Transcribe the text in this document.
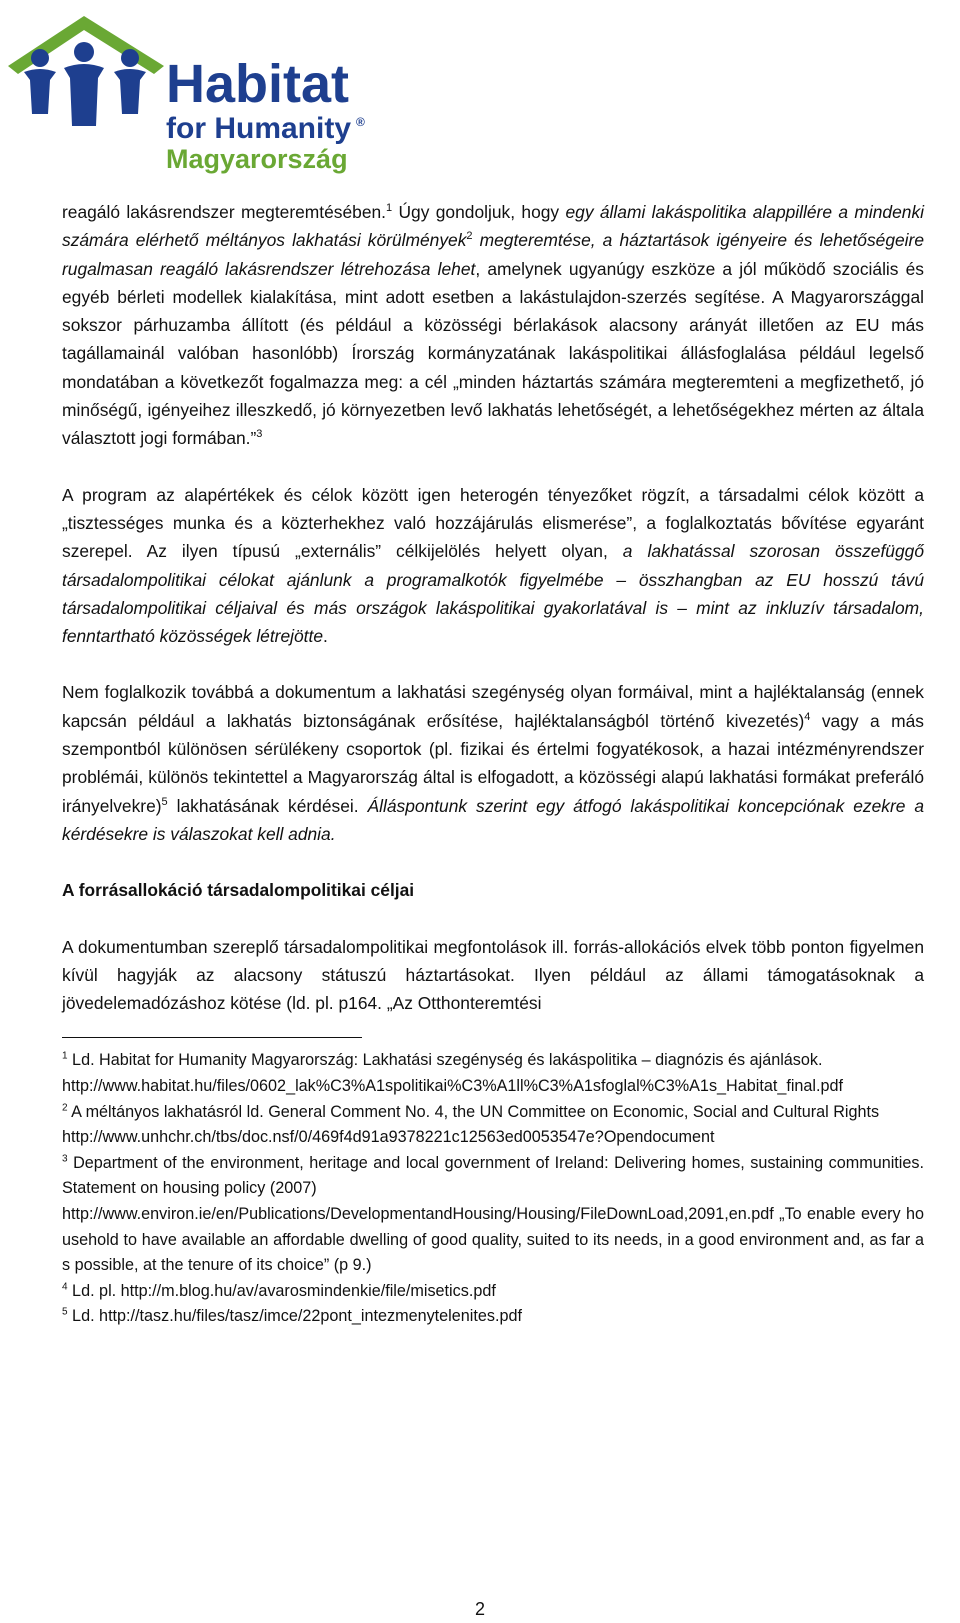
Habitat
for Humanity ®
Magyarország

reagáló lakásrendszer megteremtésében.$^1$ Úgy gondoljuk, hogy egy állami lakáspolitika alappillére a mindenki számára elérhető méltányos lakhatási körülmények$^2$ megteremtése, a háztartások igényeire és lehetőségeire rugalmasan reagáló lakásrendszer létrehozása lehet, amelynek ugyanúgy eszköze a jól működő szociális és egyéb bérleti modellek kialakítása, mint adott esetben a lakástulajdon-szerzés segítése. A Magyarországgal sokszor párhuzamba állított (és például a közösségi bérlakások alacsony arányát illetően az EU más tagállamainál valóban hasonlóbb) Írország kormányzatának lakáspolitikai állásfoglalása például legelső mondatában a következőt fogalmazza meg: a cél „minden háztartás számára megteremteni a megfizethető, jó minőségű, igényeihez illeszkedő, jó környezetben levő lakhatás lehetőségét, a lehetőségekhez mérten az általa választott jogi formában.”$^3$

A program az alapértékek és célok között igen heterogén tényezőket rögzít, a társadalmi célok között a „tisztességes munka és a közterhekhez való hozzájárulás elismerése”, a foglalkoztatás bővítése egyaránt szerepel. Az ilyen típusú „externális” célkijelölés helyett olyan, a lakhatással szorosan összefüggő társadalompolitikai célokat ajánlunk a programalkotók figyelmébe – összhangban az EU hosszú távú társadalompolitikai céljaival és más országok lakáspolitikai gyakorlatával is – mint az inkluzív társadalom, fenntartható közösségek létrejötte.

Nem foglalkozik továbbá a dokumentum a lakhatási szegénység olyan formáival, mint a hajléktalanság (ennek kapcsán például a lakhatás biztonságának erősítése, hajléktalanságból történő kivezetés)$^4$ vagy a más szempontból különösen sérülékeny csoportok (pl. fizikai és értelmi fogyatékosok, a hazai intézményrendszer problémái, különös tekintettel a Magyarország által is elfogadott, a közösségi alapú lakhatási formákat preferáló irányelvekre)$^5$ lakhatásának kérdései. Álláspontunk szerint egy átfogó lakáspolitikai koncepciónak ezekre a kérdésekre is válaszokat kell adnia.

A forrásallokáció társadalompolitikai céljai

A dokumentumban szereplő társadalompolitikai megfontolások ill. forrás-allokációs elvek több ponton figyelmen kívül hagyják az alacsony státuszú háztartásokat. Ilyen például az állami támogatásoknak a jövedelemadózáshoz kötése (ld. pl. p164. „Az Otthonteremtési

$^1$ Ld. Habitat for Humanity Magyarország: Lakhatási szegénység és lakáspolitika – diagnózis és ajánlások.
http://www.habitat.hu/files/0602_lak%C3%A1spolitikai%C3%A1ll%C3%A1sfoglal%C3%A1s_Habitat_final.pdf

$^2$ A méltányos lakhatásról ld. General Comment No. 4, the UN Committee on Economic, Social and Cultural Rights
http://www.unhchr.ch/tbs/doc.nsf/0/469f4d91a9378221c12563ed0053547e?Opendocument

$^3$ Department of the environment, heritage and local government of Ireland: Delivering homes, sustaining communities. Statement on housing policy (2007)
http://www.environ.ie/en/Publications/DevelopmentandHousing/Housing/FileDownLoad,2091,en.pdf „To enable every household to have available an affordable dwelling of good quality, suited to its needs, in a good environment and, as far as possible, at the tenure of its choice” (p 9.)

$^4$ Ld. pl. http://m.blog.hu/av/avarosmindenkie/file/misetics.pdf

$^5$ Ld. http://tasz.hu/files/tasz/imce/22pont_intezmenytelenites.pdf

2
